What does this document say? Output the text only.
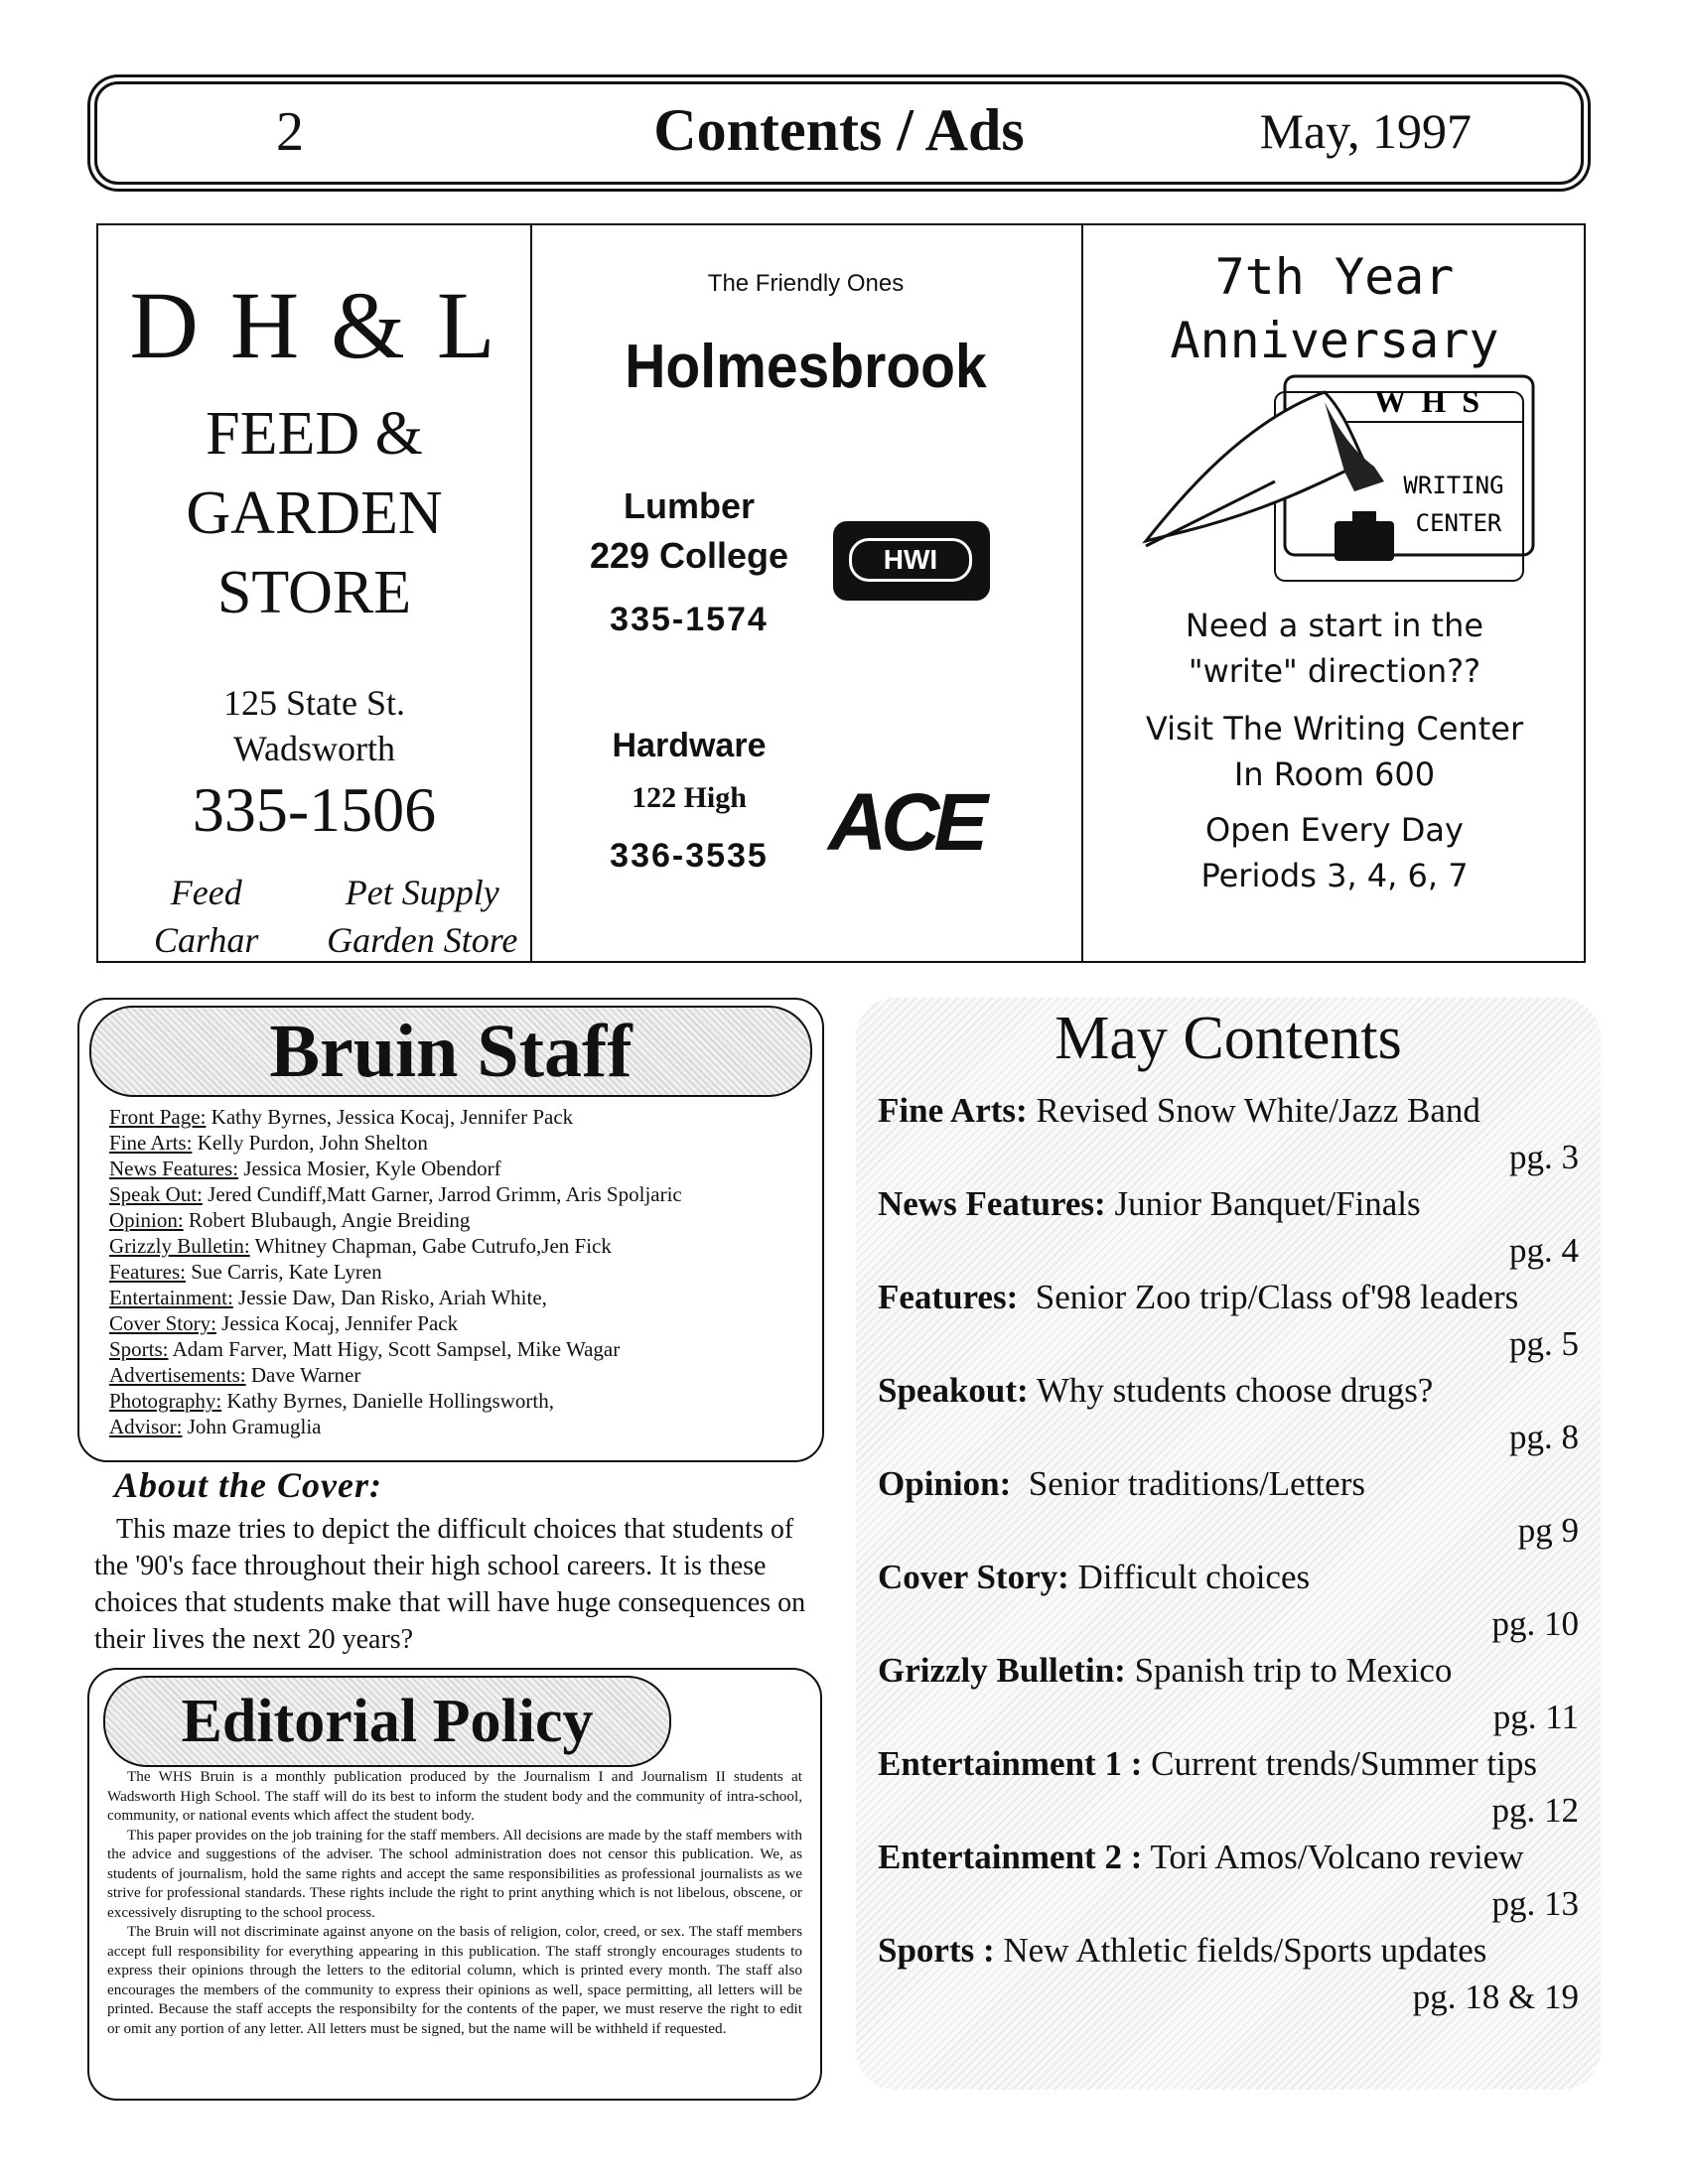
2	Contents / Ads	May, 1997
D H & L
FEED &
GARDEN
STORE
125 State St.
Wadsworth
335-1506
Feed	Pet Supply
Carhar	Garden Store
The Friendly Ones
Holmesbrook
Lumber
229 College
335-1574
HWI
Hardware
122 High
336-3535 ACE
7th Year
Anniversary
W H S
WRITING
CENTER
Need a start in the
"write" direction??
Visit The Writing Center
In Room 600
Open Every Day
Periods 3, 4, 6, 7
Bruin Staff
Front Page: Kathy Byrnes, Jessica Kocaj, Jennifer Pack
Fine Arts: Kelly Purdon, John Shelton
News Features: Jessica Mosier, Kyle Obendorf
Speak Out: Jered Cundiff,Matt Garner, Jarrod Grimm, Aris Spoljaric
Opinion: Robert Blubaugh, Angie Breiding
Grizzly Bulletin: Whitney Chapman, Gabe Cutrufo,Jen Fick
Features: Sue Carris, Kate Lyren
Entertainment: Jessie Daw, Dan Risko, Ariah White,
Cover Story: Jessica Kocaj, Jennifer Pack
Sports: Adam Farver, Matt Higy, Scott Sampsel, Mike Wagar
Advertisements: Dave Warner
Photography: Kathy Byrnes, Danielle Hollingsworth,
Advisor: John Gramuglia
About the Cover:
This maze tries to depict the difficult choices that students of the '90's face throughout their high school careers. It is these choices that students make that will have huge consequences on their lives the next 20 years?
Editorial Policy

The WHS Bruin is a monthly publication produced by the Journalism I and Journalism II students at Wadsworth High School. The staff will do its best to inform the student body and the community of intra-school, community, or national events which affect the student body.

This paper provides on the job training for the staff members. All decisions are made by the staff members with the advice and suggestions of the adviser. The school administration does not censor this publication. We, as students of journalism, hold the same rights and accept the same responsibilities as professional journalists as we strive for professional standards. These rights include the right to print anything which is not libelous, obscene, or excessively disrupting to the school process.

The Bruin will not discriminate against anyone on the basis of religion, color, creed, or sex. The staff members accept full responsibility for everything appearing in this publication. The staff strongly encourages students to express their opinions through the letters to the editorial column, which is printed every month. The staff also encourages the members of the community to express their opinions as well, space permitting, all letters will be printed. Because the staff accepts the responsibilty for the contents of the paper, we must reserve the right to edit or omit any portion of any letter. All letters must be signed, but the name will be withheld if requested.

May Contents
Fine Arts: Revised Snow White/Jazz Band
pg. 3
News Features: Junior Banquet/Finals
pg. 4
Features:  Senior Zoo trip/Class of'98 leaders
pg. 5
Speakout: Why students choose drugs?
pg. 8
Opinion:  Senior traditions/Letters
pg 9
Cover Story: Difficult choices
pg. 10
Grizzly Bulletin: Spanish trip to Mexico
pg. 11
Entertainment 1 : Current trends/Summer tips
pg. 12
Entertainment 2 : Tori Amos/Volcano review
pg. 13
Sports : New Athletic fields/Sports updates
pg. 18 & 19
